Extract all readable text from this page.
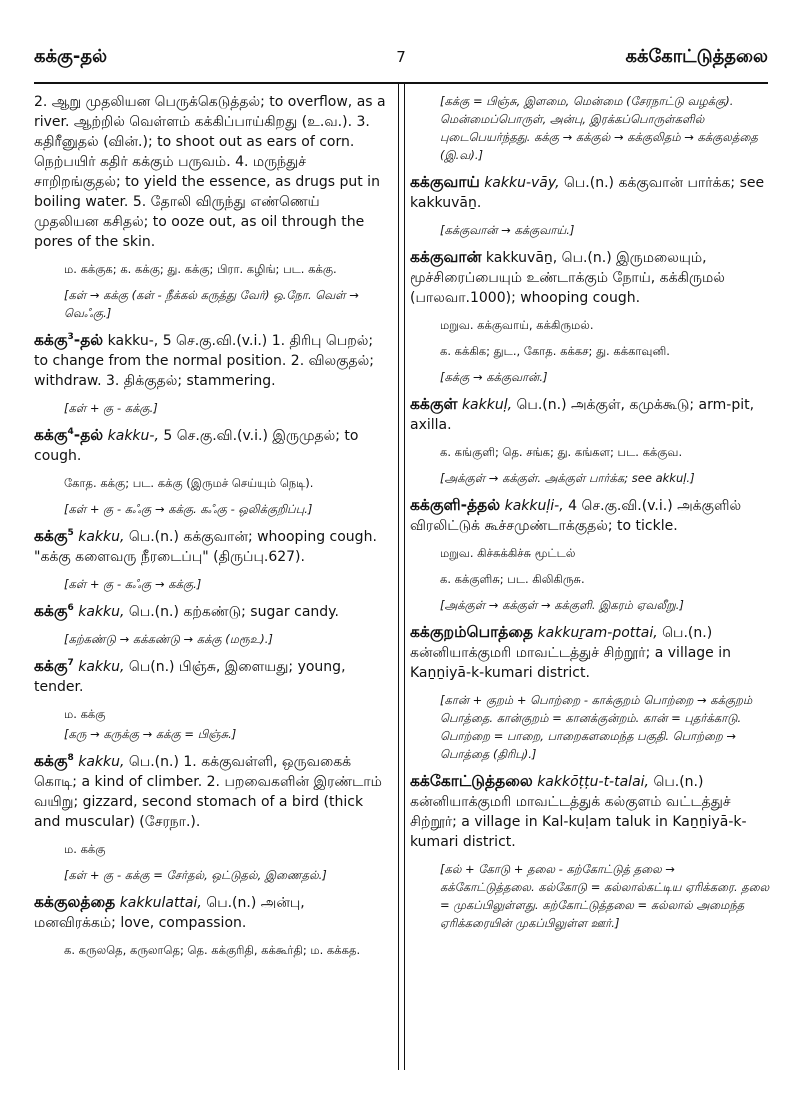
கக்கு-தல்	7	கக்கோட்டுத்தலை

2. ஆறு முதலியன பெருக்கெடுத்தல்; to overflow, as a river. ஆற்றில் வெள்ளம் கக்கிப்பாய்கிறது (உ.வ.). 3. கதிரீனுதல் (வின்.); to shoot out as ears of corn. நெற்பயிர் கதிர் கக்கும் பருவம். 4. மருந்துச் சாறிறங்குதல்; to yield the essence, as drugs put in boiling water. 5. தோலி விருந்து எண்ணெய் முதலியன கசிதல்; to ooze out, as oil through the pores of the skin.

ம. கக்குக; க. கக்கு; து. கக்கு; பிரா. கழிங்; பட. கக்கு.
[கள் → கக்கு (கள் - நீக்கல் கருத்து வேர்) ஒ.நோ. வெள் → வெஃகு.]

கக்கு$^3$-தல் kakku-, 5 செ.கு.வி.(v.i.) 1. திரிபு பெறல்; to change from the normal position. 2. விலகுதல்; withdraw. 3. திக்குதல்; stammering.

[கள் + கு - கக்கு.]

கக்கு$^4$-தல் kakku-, 5 செ.கு.வி.(v.i.) இருமுதல்; to cough.

கோத. கக்கு; பட. கக்கு (இருமச் செய்யும் நெடி).
[கள் + கு - கஃகு → கக்கு. கஃகு - ஒலிக்குறிப்பு.]

கக்கு$^5$ kakku, பெ.(n.) கக்குவான்; whooping cough. "கக்கு களைவரு நீரடைப்பு" (திருப்பு.627).

[கள் + கு - கஃகு → கக்கு.]

கக்கு$^6$ kakku, பெ.(n.) கற்கண்டு; sugar candy.

[கற்கண்டு → கக்கண்டு → கக்கு (மரூஉ).]

கக்கு$^7$ kakku, பெ(n.) பிஞ்சு, இளையது; young, tender.

ம. கக்கு
[கரு → கருக்கு → கக்கு = பிஞ்சு.]

கக்கு$^8$ kakku, பெ.(n.) 1. கக்குவள்ளி, ஒருவகைக் கொடி; a kind of climber. 2. பறவைகளின் இரண்டாம் வயிறு; gizzard, second stomach of a bird (thick and muscular) (சேரநா.).

ம. கக்கு
[கள் + கு - கக்கு = சேர்தல், ஒட்டுதல், இணைதல்.]

கக்குலத்தை kakkulattai, பெ.(n.) அன்பு, மனவிரக்கம்; love, compassion.

க. கருலதெ, கருலாதெ; தெ. கக்குரிதி, கக்கூர்தி; ம. கக்கத.
[கக்கு = பிஞ்சு, இளமை, மென்மை (சேரநாட்டு வழக்கு). மென்மைப்பொருள், அன்பு, இரக்கப்பொருள்களில் புடைபெயர்ந்தது. கக்கு → கக்குல் → கக்குலிதம் → கக்குலத்தை (இ.வ).]

கக்குவாய் kakku-vāy, பெ.(n.) கக்குவான் பார்க்க; see kakkuvāṉ.

[கக்குவான் → கக்குவாய்.]

கக்குவான் kakkuvāṉ, பெ.(n.) இருமலையும், மூச்சிரைப்பையும் உண்டாக்கும் நோய், கக்கிருமல் (பாலவா.1000); whooping cough.

மறுவ. கக்குவாய், கக்கிருமல்.
க. கக்கிக; துட., கோத. கக்கச; து. கக்காவுனி.
[கக்கு → கக்குவான்.]

கக்குள் kakkuḷ, பெ.(n.) அக்குள், கமுக்கூடு; arm-pit, axilla.

க. கங்குளி; தெ. சங்க; து. கங்கள; பட. கக்குவ.
[அக்குள் → கக்குள். அக்குள் பார்க்க; see akkuḷ.]

கக்குளி-த்தல் kakkuḷi-, 4 செ.கு.வி.(v.i.) அக்குளில் விரலிட்டுக் கூச்சமுண்டாக்குதல்; to tickle.

மறுவ. கிச்சுக்கிச்சு மூட்டல்
க. கக்குளிசு; பட. கிலிகிருசு.
[அக்குள் → கக்குள் → கக்குளி. இகரம் ஏவலீறு.]

கக்குறம்பொத்தை kakkuṟam-pottai, பெ.(n.) கன்னியாக்குமரி மாவட்டத்துச் சிற்றூர்; a village in Kaṉṉiyā-k-kumari district.

[கான் + குறம் + பொற்றை - காக்குறம் பொற்றை → கக்குறம் பொத்தை. கான்குறம் = கானக்குன்றம். கான் = புதர்க்காடு. பொற்றை = பாறை, பாறைகளமைந்த பகுதி. பொற்றை → பொத்தை (திரிபு).]

கக்கோட்டுத்தலை kakkōṭṭu-t-talai, பெ.(n.) கன்னியாக்குமரி மாவட்டத்துக் கல்குளம் வட்டத்துச் சிற்றூர்; a village in Kal-kuḷam taluk in Kaṉṉiyā-k-kumari district.

[கல் + கோடு + தலை - கற்கோட்டுத் தலை → கக்கோட்டுத்தலை. கல்கோடு = கல்லால்கட்டிய ஏரிக்கரை. தலை = முகப்பிலுள்ளது. கற்கோட்டுத்தலை = கல்லால் அமைந்த ஏரிக்கரையின் முகப்பிலுள்ள ஊர்.]
